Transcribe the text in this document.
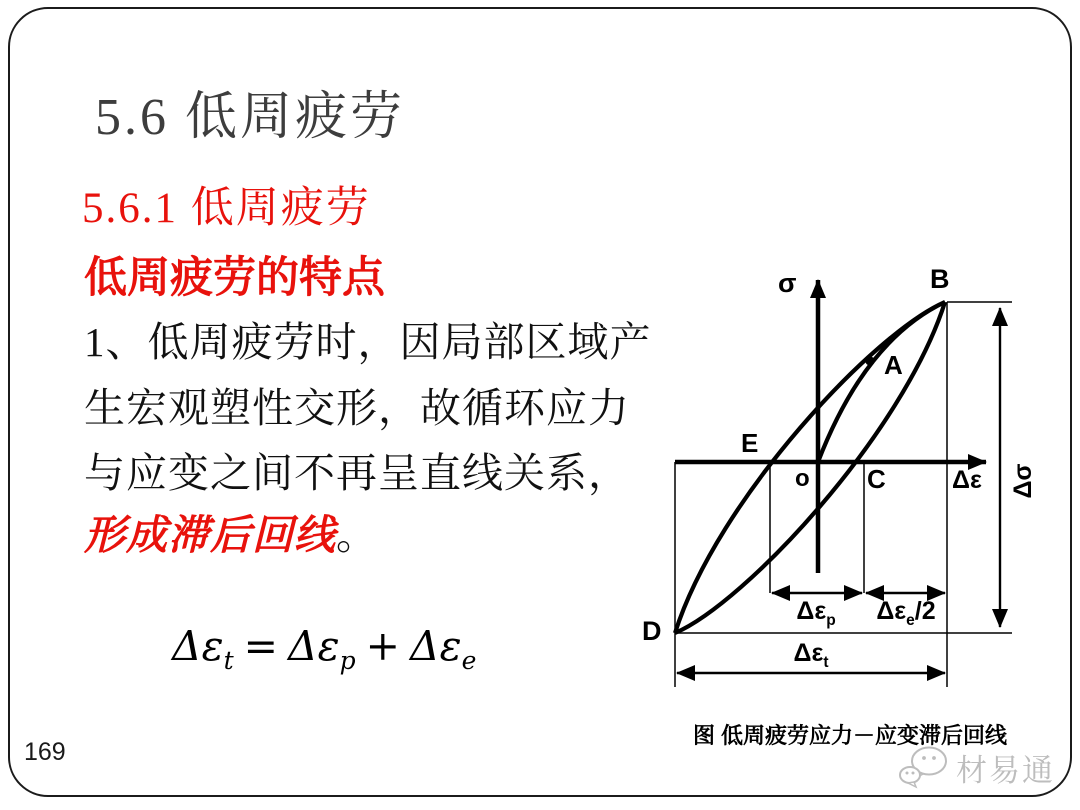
5.6 低周疲劳
5.6.1 低周疲劳
低周疲劳的特点
1、低周疲劳时，因局部区域产
生宏观塑性交形，故循环应力
与应变之间不再呈直线关系，
形成滞后回线。
$\Delta\varepsilon_t = \Delta\varepsilon_p + \Delta\varepsilon_e$
σ
Δε
B
A
E
o C
D
Δσ
$\Delta\varepsilon_p$	$\Delta\varepsilon_e/2$
$\Delta\varepsilon_t$
图 低周疲劳应力－应变滞后回线
169
材易通
